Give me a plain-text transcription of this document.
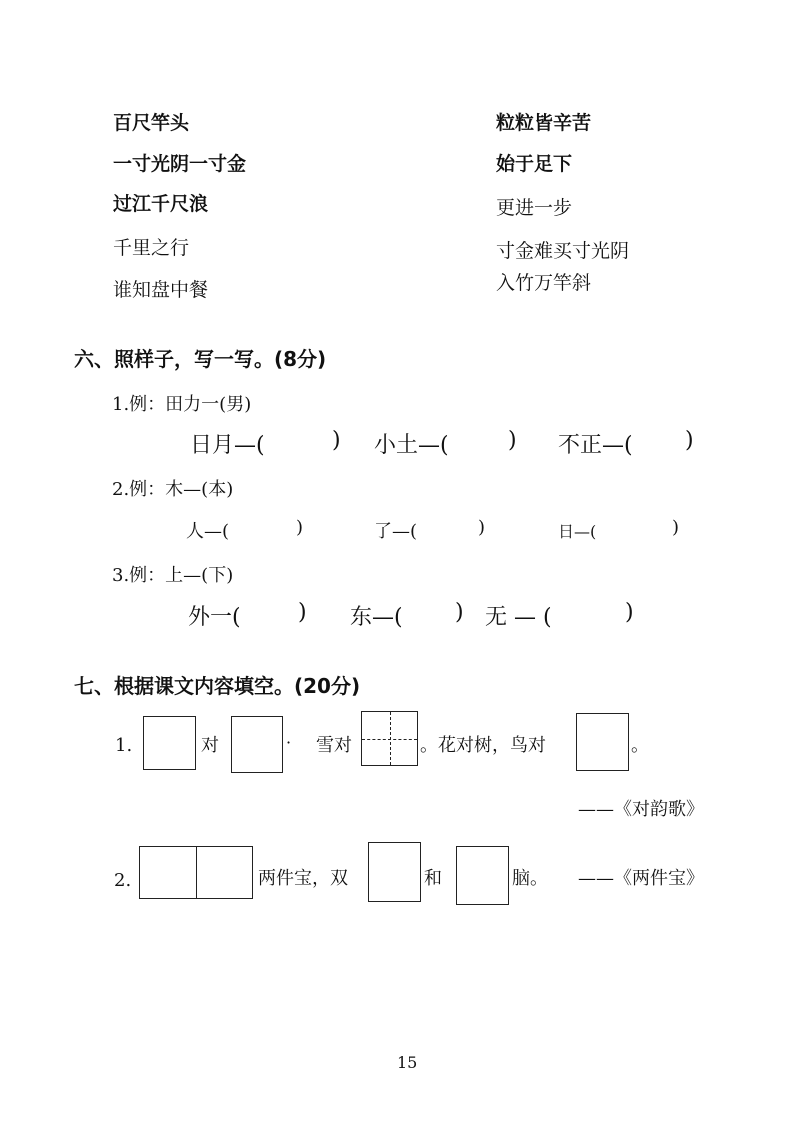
百尺竿头
一寸光阴一寸金
过江千尺浪
千里之行
谁知盘中餐
粒粒皆辛苦
始于足下
更进一步
寸金难买寸光阴
入竹万竿斜
六、照样子，写一写。(8分)
1.例：田力一(男)
日月—(	) 小土—(	) 不正—( )
2.例：木—(本)
人—(	)	了—(	)	日—(	)
3.例：上—(下)
外一(	) 东—( ) 无 — (	)
七、根据课文内容填空。(20分)
1.	对	· 雪对	。花对树，鸟对	。
——《对韵歌》
2.	两件宝，双	和	脑。 ——《两件宝》
15
